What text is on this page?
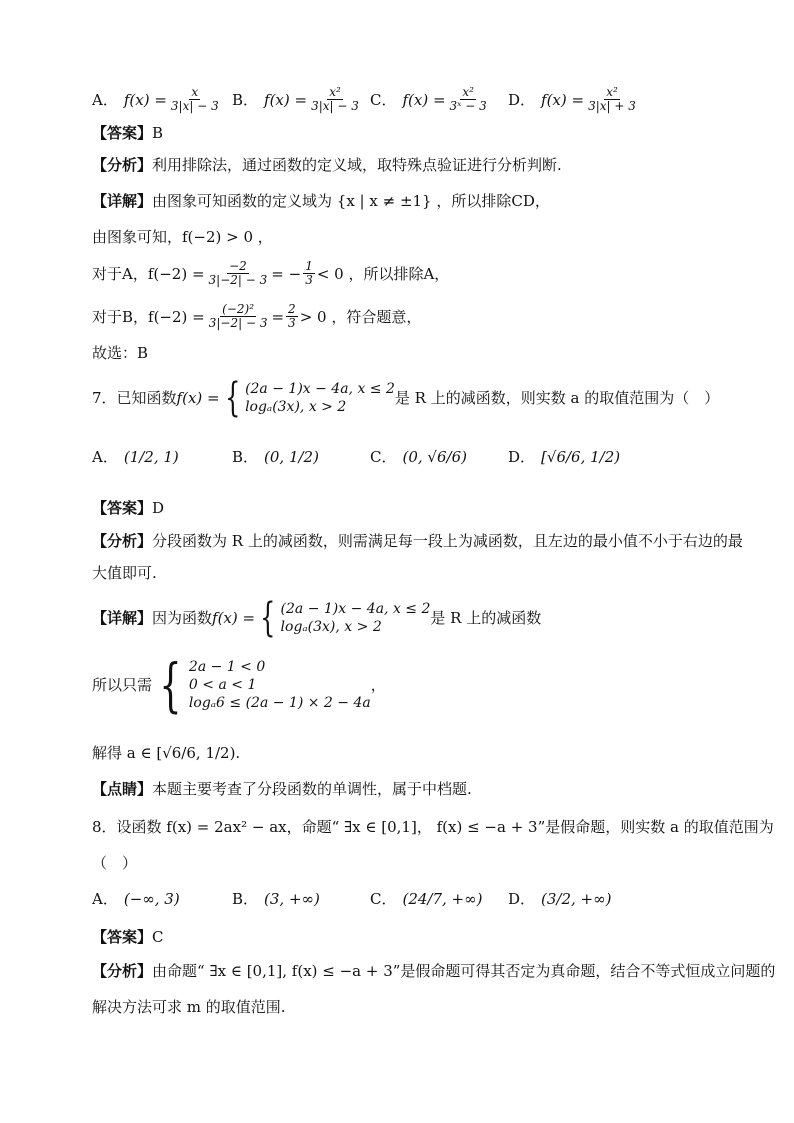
A． $f(x) = \frac{x}{3|x| - 3}$ B． $f(x) = \frac{\text{x²}}{3|x| - 3}$ C． $f(x) = \frac{\text{x²}}{\text{3ˣ − 3}}$ D． $f(x) = \frac{\text{x²}}{3|x| + 3}$
【答案】B
【分析】利用排除法，通过函数的定义域，取特殊点验证进行分析判断.
【详解】由图象可知函数的定义域为 {x | x ≠ ±1} ，所以排除CD，
由图象可知，f(−2) > 0 ，
对于A，$f(-2) = \frac{-2}{3|-2| - 3}$ = − $\frac{1}{3} < 0$ ，所以排除A，
对于B，$f(-2) = \frac{\text{(−2)²}}{3|-2| - 3} = \frac{2}{3} > 0$ ，符合题意，
故选：B
7．已知函数 f(x) = { (2a − 1)x − 4a, x ≤ 2
logₐ(3x), x > 2	是 R 上的减函数，则实数 a 的取值范围为（　）
A． (1/2, 1)	B． (0, 1/2)	C． (0, √6/6)	D． [√6/6, 1/2)
【答案】D
【分析】分段函数为 R 上的减函数，则需满足每一段上为减函数，且左边的最小值不小于右边的最
大值即可.
【详解】 因为函数 f(x) = { (2a − 1)x − 4a, x ≤ 2
logₐ(3x), x > 2	是 R 上的减函数
所以只需 { 2a − 1 < 0
0 < a < 1
logₐ6 ≤ (2a − 1) × 2 − 4a
，
解得 a ∈ [√6/6, 1/2).
【点睛】本题主要考查了分段函数的单调性，属于中档题.
8．设函数 f(x) = 2ax² − ax，命题“ ∃x ∈ [0,1]， f(x) ≤ −a + 3”是假命题，则实数 a 的取值范围为
（　）
A． (−∞, 3)	B． (3, +∞)	C． (24/7, +∞) D． (3/2, +∞)
【答案】C
【分析】由命题“ ∃x ∈ [0,1], f(x) ≤ −a + 3”是假命题可得其否定为真命题，结合不等式恒成立问题的
解决方法可求 m 的取值范围.
